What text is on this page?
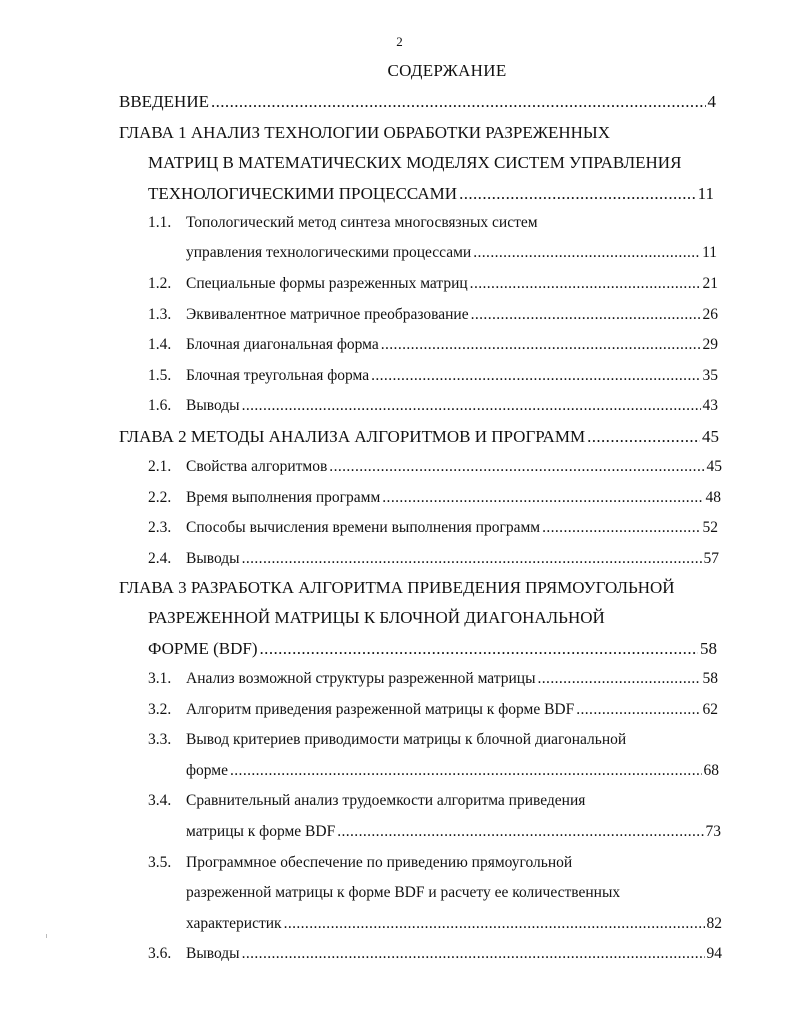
2
СОДЕРЖАНИЕ
ВВЕДЕНИЕ .....	4
ГЛАВА 1 АНАЛИЗ ТЕХНОЛОГИИ ОБРАБОТКИ РАЗРЕЖЕННЫХ
МАТРИЦ В МАТЕМАТИЧЕСКИХ МОДЕЛЯХ СИСТЕМ УПРАВЛЕНИЯ
ТЕХНОЛОГИЧЕСКИМИ ПРОЦЕССАМИ .....	11
1.1. Топологический метод синтеза многосвязных систем
управления технологическими процессами .....	11
1.2. Специальные формы разреженных матриц .....	21
1.3. Эквивалентное матричное преобразование .....	26
1.4. Блочная диагональная форма .....	29
1.5. Блочная треугольная форма .....	35
1.6. Выводы .....	43
ГЛАВА 2 МЕТОДЫ АНАЛИЗА АЛГОРИТМОВ И ПРОГРАММ .....	45
2.1. Свойства алгоритмов .....	45
2.2. Время выполнения программ .....	48
2.3. Способы вычисления времени выполнения программ .....	52
2.4. Выводы .....	57
ГЛАВА 3 РАЗРАБОТКА АЛГОРИТМА ПРИВЕДЕНИЯ ПРЯМОУГОЛЬНОЙ
РАЗРЕЖЕННОЙ МАТРИЦЫ К БЛОЧНОЙ ДИАГОНАЛЬНОЙ
ФОРМЕ (BDF) .....	58
3.1. Анализ возможной структуры разреженной матрицы .....	58
3.2. Алгоритм приведения разреженной матрицы к форме BDF .....	62
3.3. Вывод критериев приводимости матрицы к блочной диагональной
форме .....	68
3.4. Сравнительный анализ трудоемкости алгоритма приведения
матрицы к форме BDF .....	73
3.5. Программное обеспечение по приведению прямоугольной
разреженной матрицы к форме BDF и расчету ее количественных
характеристик .....	82
3.6. Выводы .....	94
